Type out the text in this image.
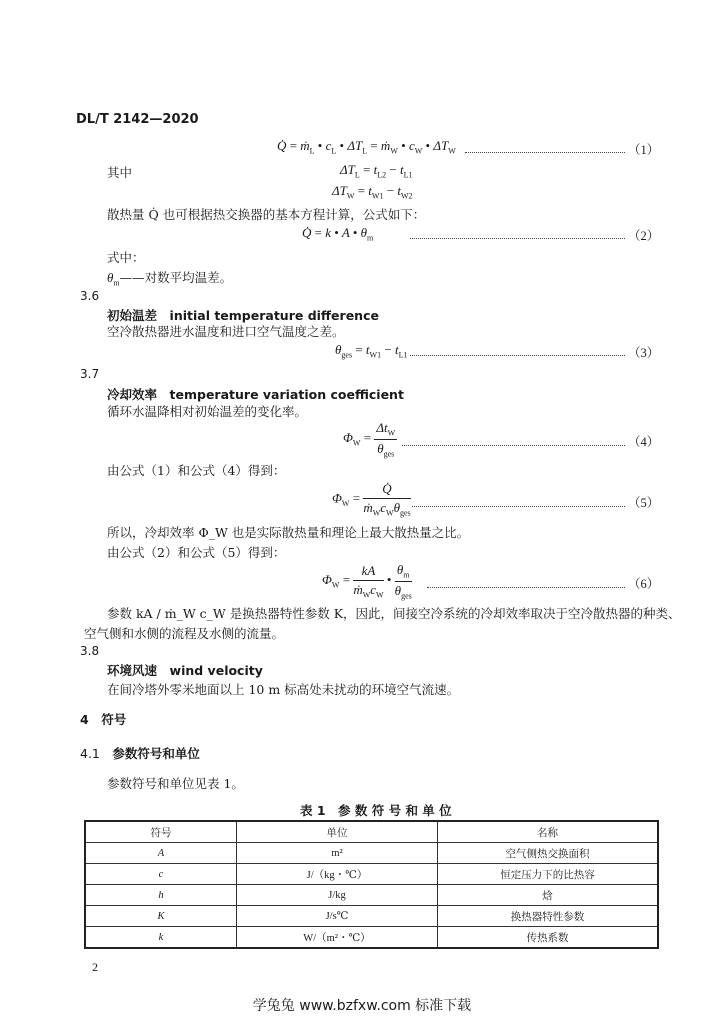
DL/T 2142—2020
Q̇ = ṁ$_L$ • $c_L$ • $\Delta T_L$ = ṁ$_W$ • $c_W$ • $\Delta T_W$	（1）
其中	$\Delta T_L = t_{L2} - t_{L1}$
$\Delta T_W = t_{W1} - t_{W2}$
散热量 Q̇ 也可根据热交换器的基本方程计算，公式如下：
Q̇ = k • A • $\theta_m$	（2）
式中：
$\theta_m——$对数平均温差。
3.6
初始温差　 initial temperature difference
空冷散热器进水温度和进口空气温度之差。
$\theta_{ges} = t_{W1} - t_{L1}$	（3）
3.7
冷却效率　 temperature variation coefficient
循环水温降相对初始温差的变化率。
$\Phi_W = \frac{\Delta t_W}{\theta_{ges}}$	（4）
由公式（1）和公式（4）得到：
$\Phi_W = \frac{Q̇}{ṁ_Wc_W\theta_{ges}}$	（5）
所以，冷却效率 Φ_W 也是实际散热量和理论上最大散热量之比。
由公式（2）和公式（5）得到：
$\Phi_W = \frac{kA}{ṁ_Wc_W}$ • $\frac{\theta_m}{\theta_{ges}}$	（6）
参数 kA / ṁ_W c_W 是换热器特性参数 K，因此，间接空冷系统的冷却效率取决于空冷散热器的种类、
空气侧和水侧的流程及水侧的流量。
3.8
环境风速　 wind velocity
在间冷塔外零米地面以上 10 m 标高处未扰动的环境空气流速。
4　 符号
4.1　 参数符号和单位
参数符号和单位见表 1。
表 1　参 数 符 号 和 单 位
符号	单位	名称
A	m²	空气侧热交换面积
c	J/（kg・℃）	恒定压力下的比热容
h	J/kg	焓
K	J/s℃	换热器特性参数
k	W/（m²・℃）	传热系数
2
学兔兔 www.bzfxw.com 标准下载
